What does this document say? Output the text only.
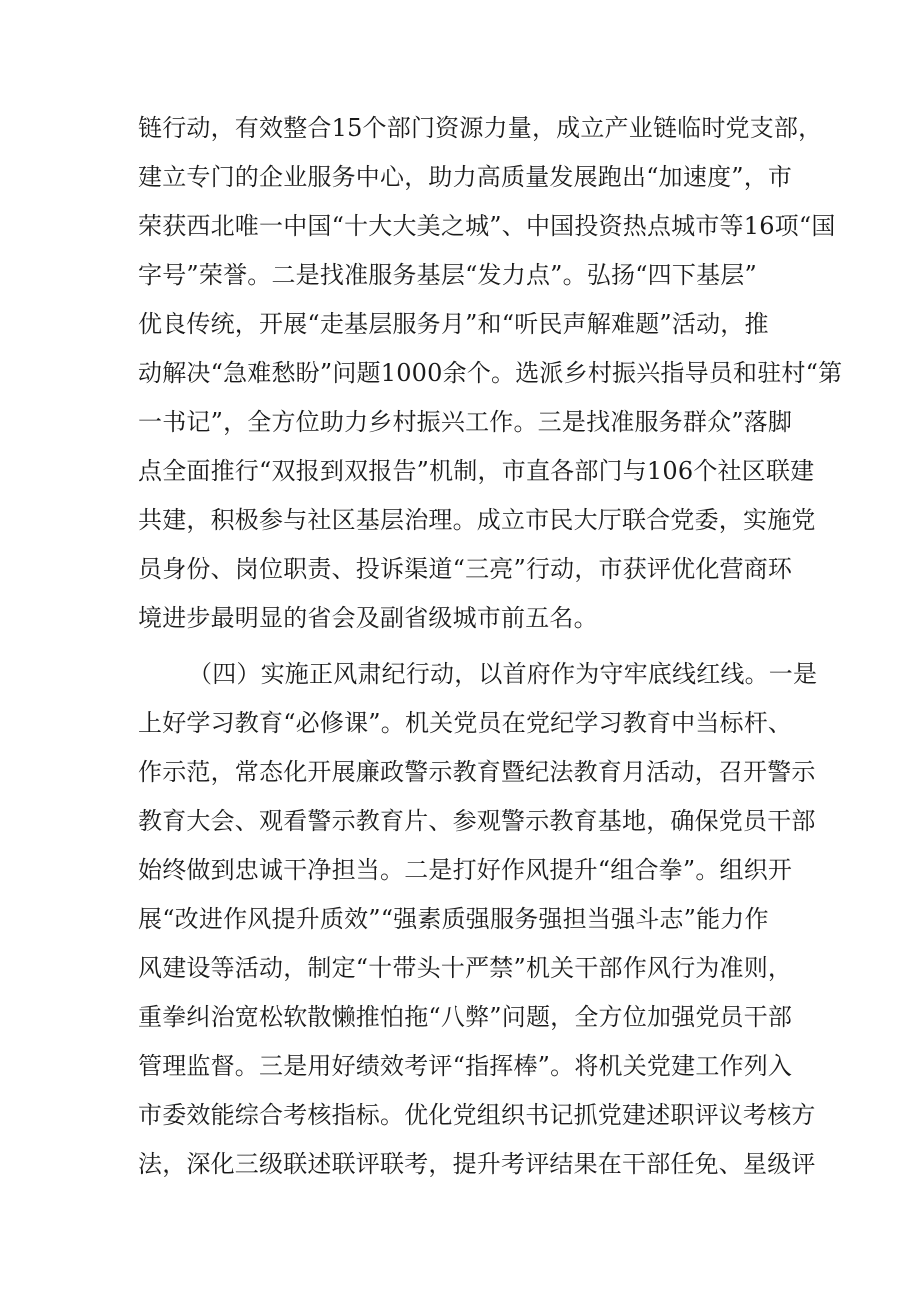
链行动，有效整合15个部门资源力量，成立产业链临时党支部，
建立专门的企业服务中心，助力高质量发展跑出“加速度”，市
荣获西北唯一中国“十大大美之城”、中国投资热点城市等16项“国
字号”荣誉。二是找准服务基层“发力点”。弘扬“四下基层”
优良传统，开展“走基层服务月”和“听民声解难题”活动，推
动解决“急难愁盼”问题1000余个。选派乡村振兴指导员和驻村“第
一书记”，全方位助力乡村振兴工作。三是找准服务群众”落脚
点全面推行“双报到双报告”机制，市直各部门与106个社区联建
共建，积极参与社区基层治理。成立市民大厅联合党委，实施党
员身份、岗位职责、投诉渠道“三亮”行动，市获评优化营商环
境进步最明显的省会及副省级城市前五名。
（四）实施正风肃纪行动，以首府作为守牢底线红线。一是
上好学习教育“必修课”。机关党员在党纪学习教育中当标杆、
作示范，常态化开展廉政警示教育暨纪法教育月活动，召开警示
教育大会、观看警示教育片、参观警示教育基地，确保党员干部
始终做到忠诚干净担当。二是打好作风提升“组合拳”。组织开
展“改进作风提升质效”“强素质强服务强担当强斗志”能力作
风建设等活动，制定“十带头十严禁”机关干部作风行为准则，
重拳纠治宽松软散懒推怕拖“八弊”问题，全方位加强党员干部
管理监督。三是用好绩效考评“指挥棒”。将机关党建工作列入
市委效能综合考核指标。优化党组织书记抓党建述职评议考核方
法，深化三级联述联评联考，提升考评结果在干部任免、星级评
